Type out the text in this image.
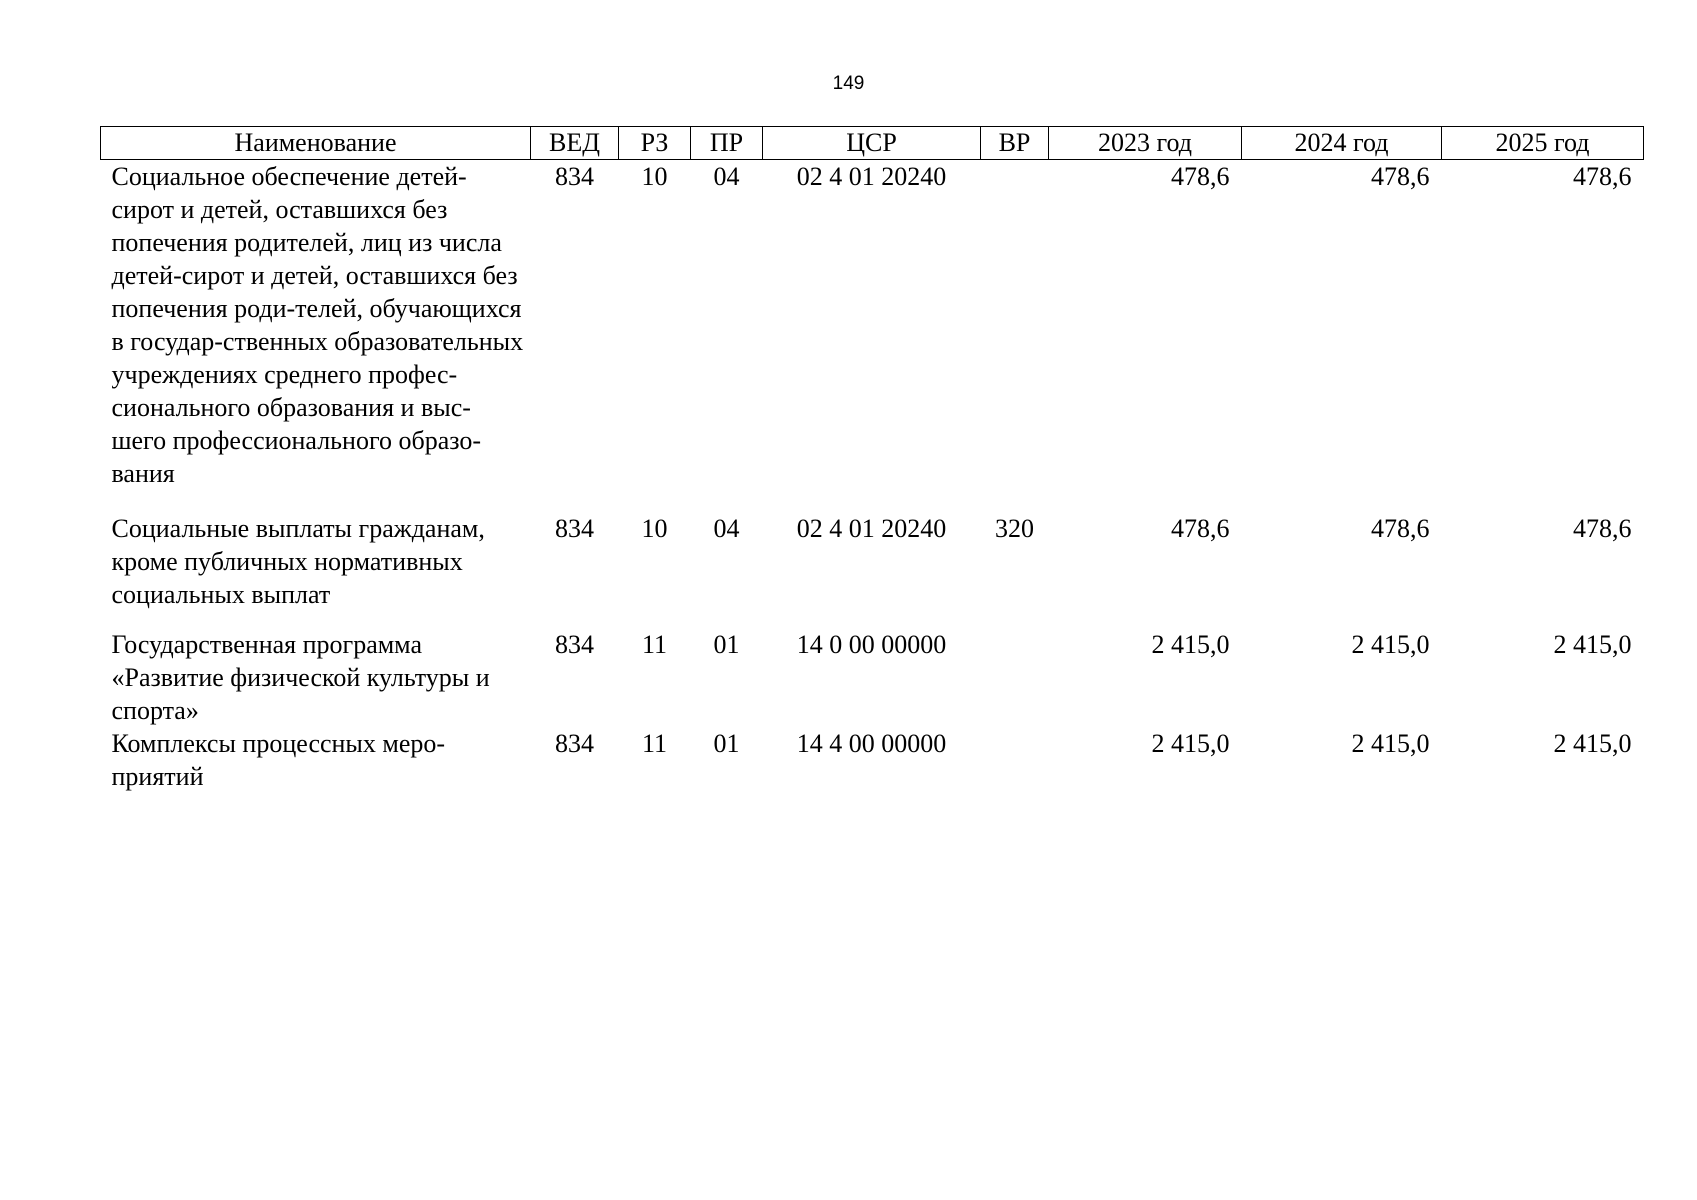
149
Наименование	ВЕД	РЗ	ПР	ЦСР	ВР	2023 год	2024 год	2025 год
Социальное обеспечение детей-сирот и детей, оставшихся без попечения родителей, лиц из числа детей-сирот и детей, оставшихся без попечения роди-телей, обучающихся в государ-ственных образовательных учреждениях среднего профес-сионального образования и выс-шего профессионального образо-вания	834	10	04	02 4 01 20240		478,6	478,6	478,6
Социальные выплаты гражданам, кроме публичных нормативных социальных выплат	834	10	04	02 4 01 20240	320	478,6	478,6	478,6
Государственная программа «Развитие физической культуры и спорта»	834	11	01	14 0 00 00000		2 415,0	2 415,0	2 415,0
Комплексы процессных меро-приятий	834	11	01	14 4 00 00000		2 415,0	2 415,0	2 415,0
